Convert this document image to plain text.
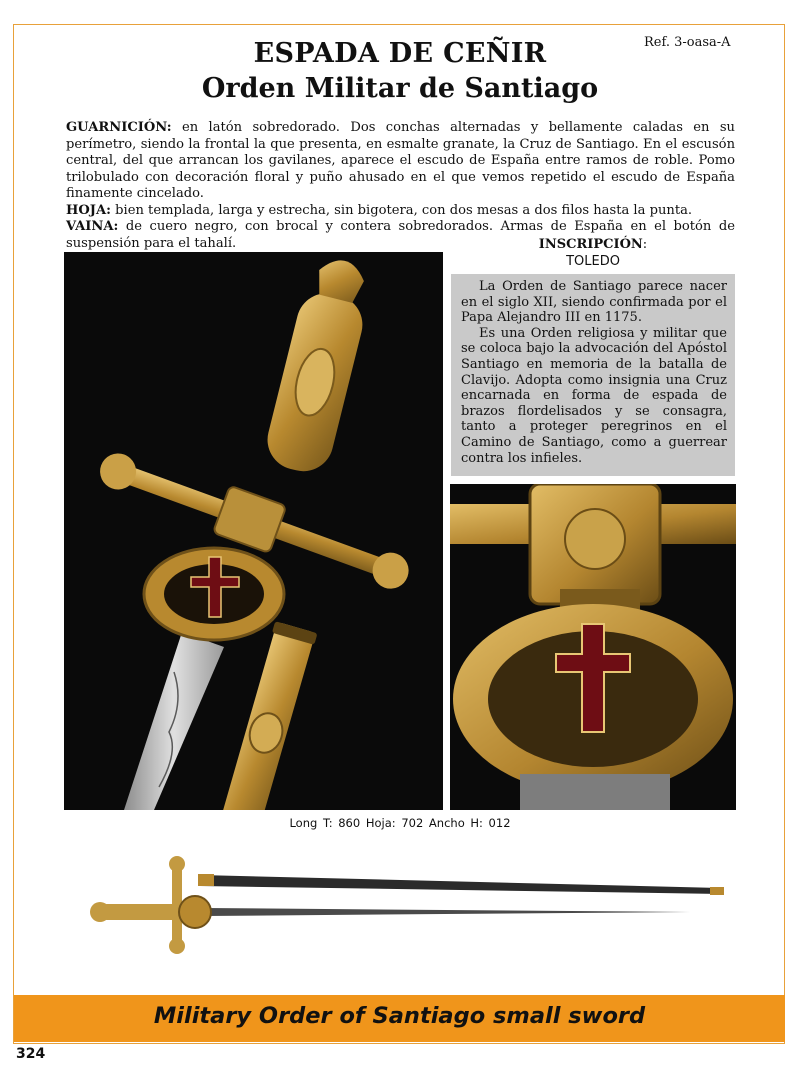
Ref. 3-oasa-A
ESPADA DE CEÑIR
Orden Militar de Santiago

GUARNICIÓN: en latón sobredorado. Dos conchas alternadas y bellamente caladas en su perímetro, siendo la frontal la que presenta, en esmalte granate, la Cruz de Santiago. En el escusón central, del que arrancan los gavilanes, aparece el escudo de España entre ramos de roble. Pomo trilobulado con decoración floral y puño ahusado en el que vemos repetido el escudo de España finamente cincelado.

HOJA: bien templada, larga y estrecha, sin bigotera, con dos mesas a dos filos hasta la punta.

VAINA: de cuero negro, con brocal y contera sobredorados. Armas de España en el botón de suspensión para el tahalí.	INSCRIPCIÓN:
TOLEDO

La Orden de Santiago parece nacer en el siglo XII, siendo confirmada por el Papa Alejandro III en 1175.

Es una Orden religiosa y militar que se coloca bajo la advocación del Apóstol Santiago en memoria de la batalla de Clavijo. Adopta como insignia una Cruz encarnada en forma de espada de brazos flordelisados y se consagra, tanto a proteger peregrinos en el Camino de Santiago, como a guerrear contra los infieles.

Long T: 860 Hoja: 702 Ancho H: 012
Military Order of Santiago small sword
324
